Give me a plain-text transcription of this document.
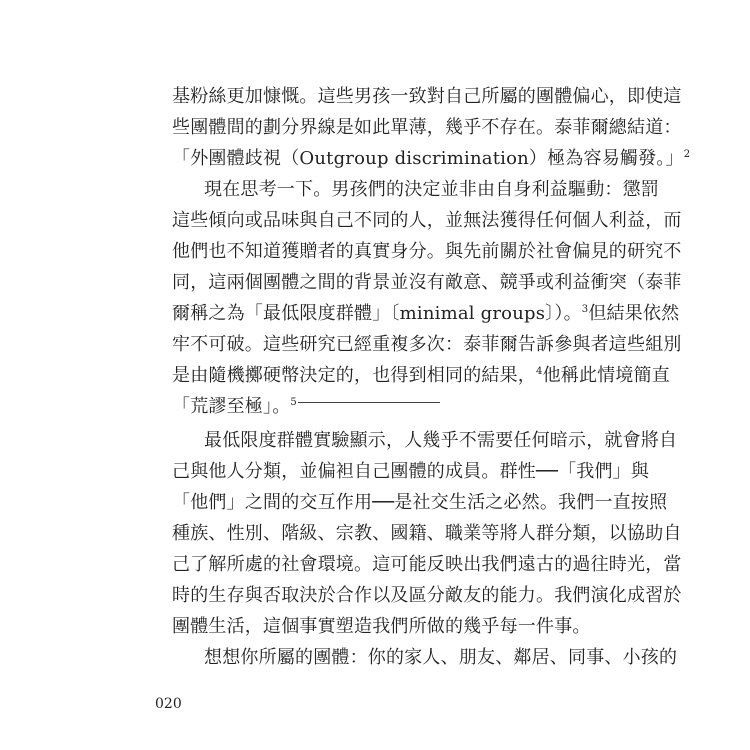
基粉絲更加慷慨。這些男孩一致對自己所屬的團體偏心，即使這
些團體間的劃分界線是如此單薄，幾乎不存在。泰菲爾總結道：
「外團體歧視（Outgroup discrimination）極為容易觸發。」$^2$
現在思考一下。男孩們的決定並非由自身利益驅動：懲罰
這些傾向或品味與自己不同的人，並無法獲得任何個人利益，而
他們也不知道獲贈者的真實身分。與先前關於社會偏見的研究不
同，這兩個團體之間的背景並沒有敵意、競爭或利益衝突（泰菲
爾稱之為「最低限度群體」〔minimal groups〕）。$^3$但結果依然
牢不可破。這些研究已經重複多次：泰菲爾告訴參與者這些組別
是由隨機擲硬幣決定的，也得到相同的結果，$^4$他稱此情境簡直
「荒謬至極」。$^5$
最低限度群體實驗顯示，人幾乎不需要任何暗示，就會將自
己與他人分類，並偏袒自己團體的成員。群性──「我們」與
「他們」之間的交互作用──是社交生活之必然。我們一直按照
種族、性別、階級、宗教、國籍、職業等將人群分類，以協助自
己了解所處的社會環境。這可能反映出我們遠古的過往時光，當
時的生存與否取決於合作以及區分敵友的能力。我們演化成習於
團體生活，這個事實塑造我們所做的幾乎每一件事。
想想你所屬的團體：你的家人、朋友、鄰居、同事、小孩的
020
